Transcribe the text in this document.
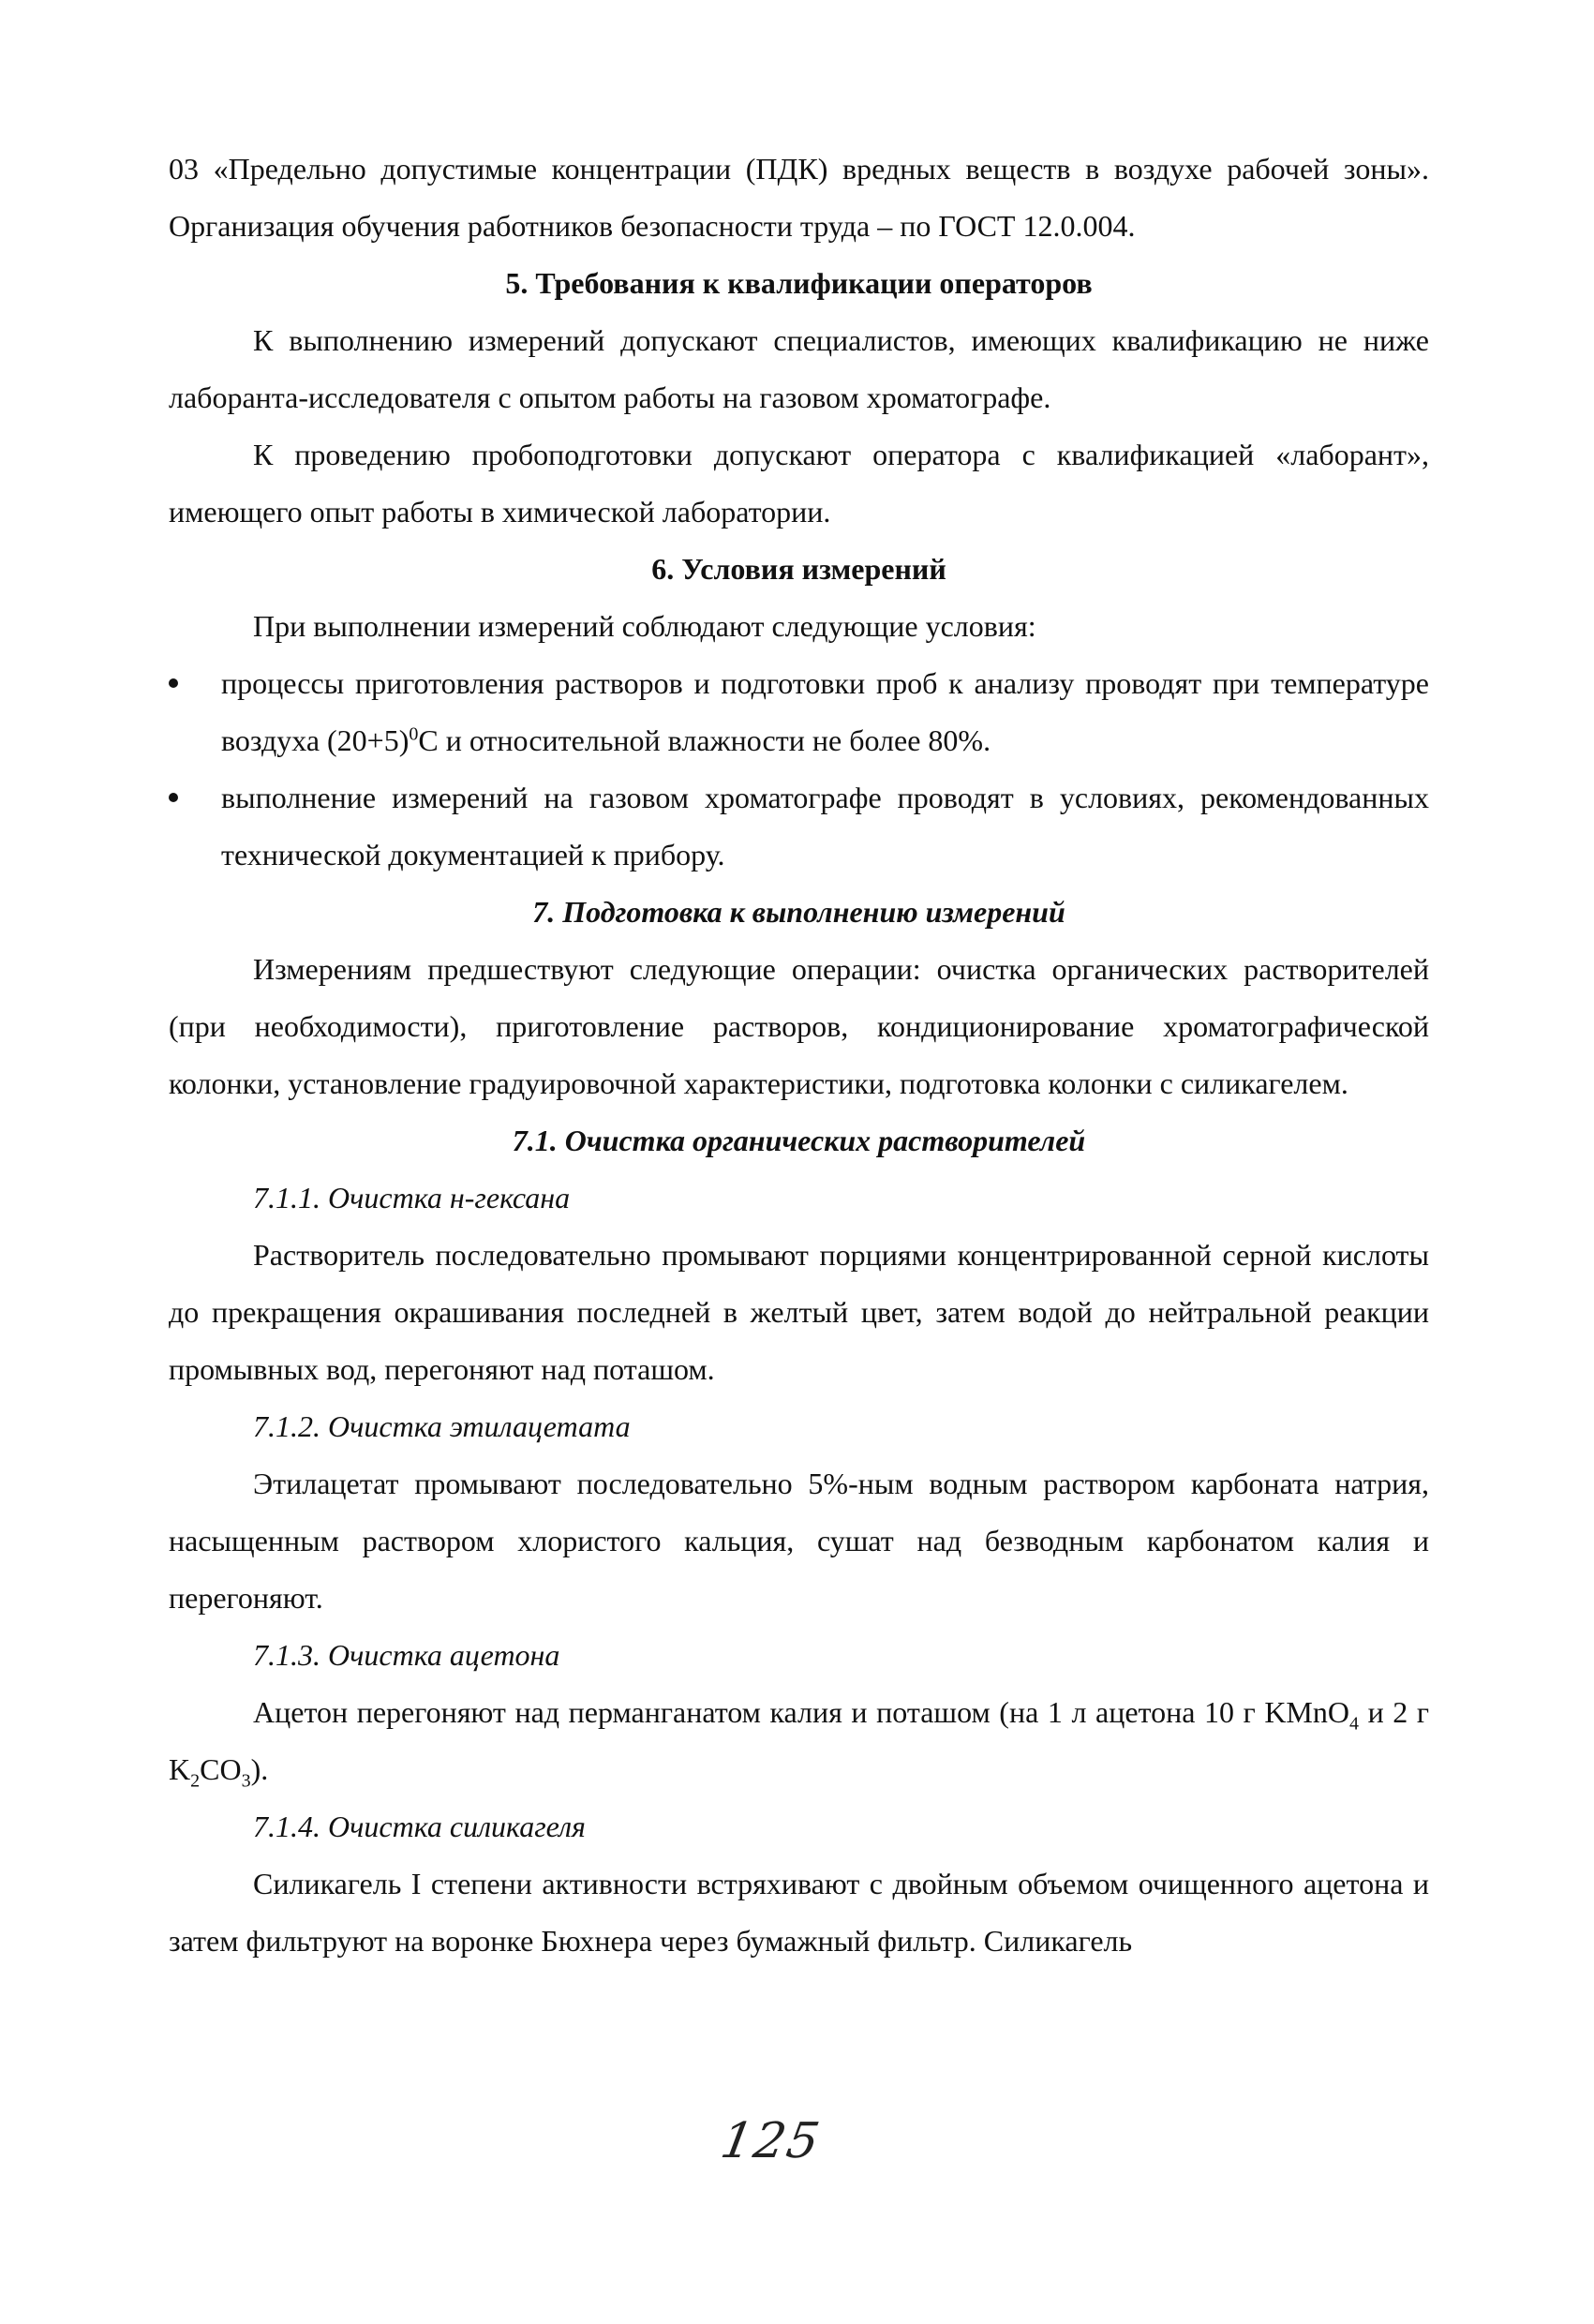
03 «Предельно допустимые концентрации (ПДК) вредных веществ в воздухе рабочей зоны». Организация обучения работников безопасности труда – по ГОСТ 12.0.004.

5. Требования к квалификации операторов

К выполнению измерений допускают специалистов, имеющих квалификацию не ниже лаборанта-исследователя с опытом работы на газовом хроматографе.

К проведению пробоподготовки допускают оператора с квалификацией «лаборант», имеющего опыт работы в химической лаборатории.

6. Условия измерений

При выполнении измерений соблюдают следующие условия:

процессы приготовления растворов и подготовки проб к анализу проводят при температуре воздуха $(20+5)^0С$ и относительной влажности не более 80%.
выполнение измерений на газовом хроматографе проводят в условиях, рекомендованных технической документацией к прибору.

7. Подготовка к выполнению измерений

Измерениям предшествуют следующие операции: очистка органических растворителей (при необходимости), приготовление растворов, кондиционирование хроматографической колонки, установление градуировочной характеристики, подготовка колонки с силикагелем.

7.1. Очистка органических растворителей

7.1.1. Очистка н-гексана

Растворитель последовательно промывают порциями концентрированной серной кислоты до прекращения окрашивания последней в желтый цвет, затем водой до нейтральной реакции промывных вод, перегоняют над поташом.

7.1.2. Очистка этилацетата

Этилацетат промывают последовательно 5%-ным водным раствором карбоната натрия, насыщенным раствором хлористого кальция, сушат над безводным карбонатом калия и перегоняют.

7.1.3. Очистка ацетона

Ацетон перегоняют над перманганатом калия и поташом (на 1 л ацетона 10 г KMnO$_4$ и 2 г $K_2CO_3$).

7.1.4. Очистка силикагеля

Силикагель I степени активности встряхивают с двойным объемом очищенного ацетона и затем фильтруют на воронке Бюхнера через бумажный фильтр. Силикагель

125
